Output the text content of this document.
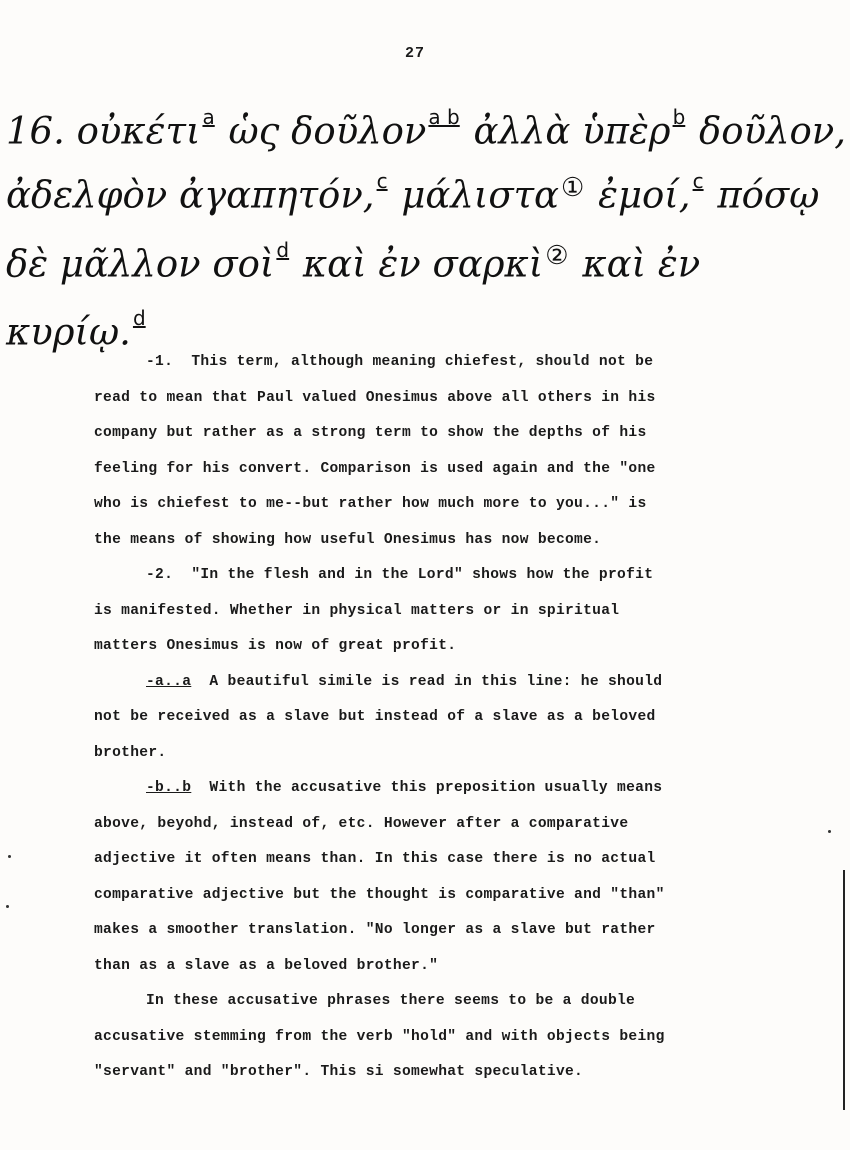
27
16. οὐκέτι $^a$ ὡς δοῦλον $^{a b}$ ἀλλὰ ὑπὲρ $^b$ δοῦλον,
ἀδελφὸν ἀγαπητόν, $^c$ μάλιστα① ἐμοί, $^c$ πόσῳ
δὲ μᾶλλον σοὶ $^d$ καὶ ἐν σαρκὶ② καὶ ἐν
κυρίῳ. $^d$
-1. This term, although meaning chiefest, should not be
read to mean that Paul valued Onesimus above all others in his
company but rather as a strong term to show the depths of his
feeling for his convert. Comparison is used again and the "one
who is chiefest to me--but rather how much more to you..." is
the means of showing how useful Onesimus has now become.
-2. "In the flesh and in the Lord" shows how the profit
is manifested. Whether in physical matters or in spiritual
matters Onesimus is now of great profit.
-a..a A beautiful simile is read in this line: he should
not be received as a slave but instead of a slave as a beloved
brother.
-b..b With the accusative this preposition usually means
above, beyohd, instead of, etc. However after a comparative
adjective it often means than. In this case there is no actual
comparative adjective but the thought is comparative and "than"
makes a smoother translation. "No longer as a slave but rather
than as a slave as a beloved brother."
In these accusative phrases there seems to be a double
accusative stemming from the verb "hold" and with objects being
"servant" and "brother". This si somewhat speculative.
